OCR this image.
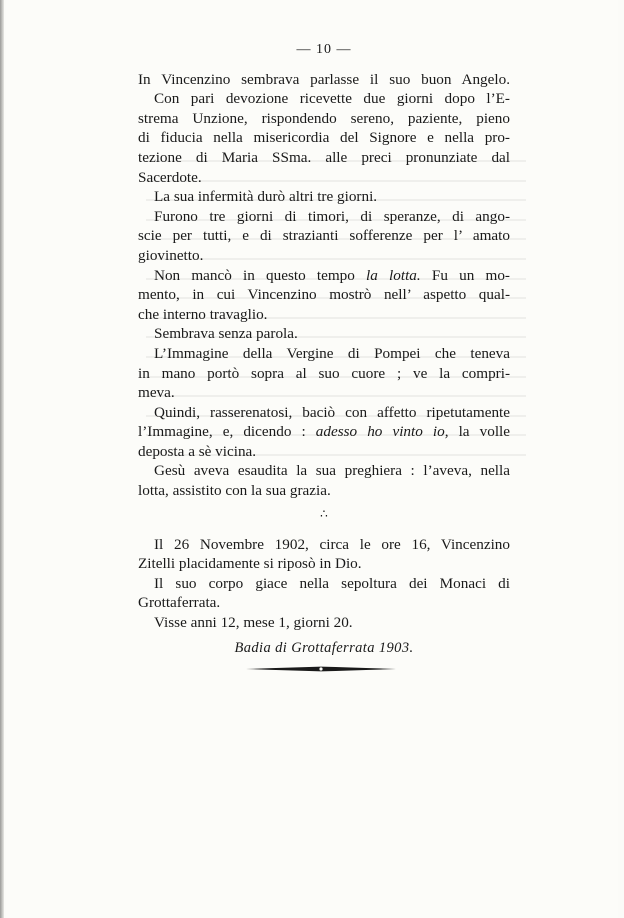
— 10 —
In Vincenzino sembrava parlasse il suo buon Angelo.
Con pari devozione ricevette due giorni dopo l’E-
strema Unzione, rispondendo sereno, paziente, pieno
di fiducia nella misericordia del Signore e nella pro-
tezione di Maria SSma. alle preci pronunziate dal
Sacerdote.
La sua infermità durò altri tre giorni.
Furono tre giorni di timori, di speranze, di ango-
scie per tutti, e di strazianti sofferenze per l’ amato
giovinetto.
Non mancò in questo tempo la lotta. Fu un mo-
mento, in cui Vincenzino mostrò nell’ aspetto qual-
che interno travaglio.
Sembrava senza parola.
L’Immagine della Vergine di Pompei che teneva
in mano portò sopra al suo cuore ; ve la compri-
meva.
Quindi, rasserenatosi, baciò con affetto ripetutamente
l’Immagine, e, dicendo : adesso ho vinto io, la volle
deposta a sè vicina.
Gesù aveva esaudita la sua preghiera : l’aveva, nella
lotta, assistito con la sua grazia.
∴
Il 26 Novembre 1902, circa le ore 16, Vincenzino
Zitelli placidamente si riposò in Dio.
Il suo corpo giace nella sepoltura dei Monaci di
Grottaferrata.
Visse anni 12, mese 1, giorni 20.
Badia di Grottaferrata 1903.
